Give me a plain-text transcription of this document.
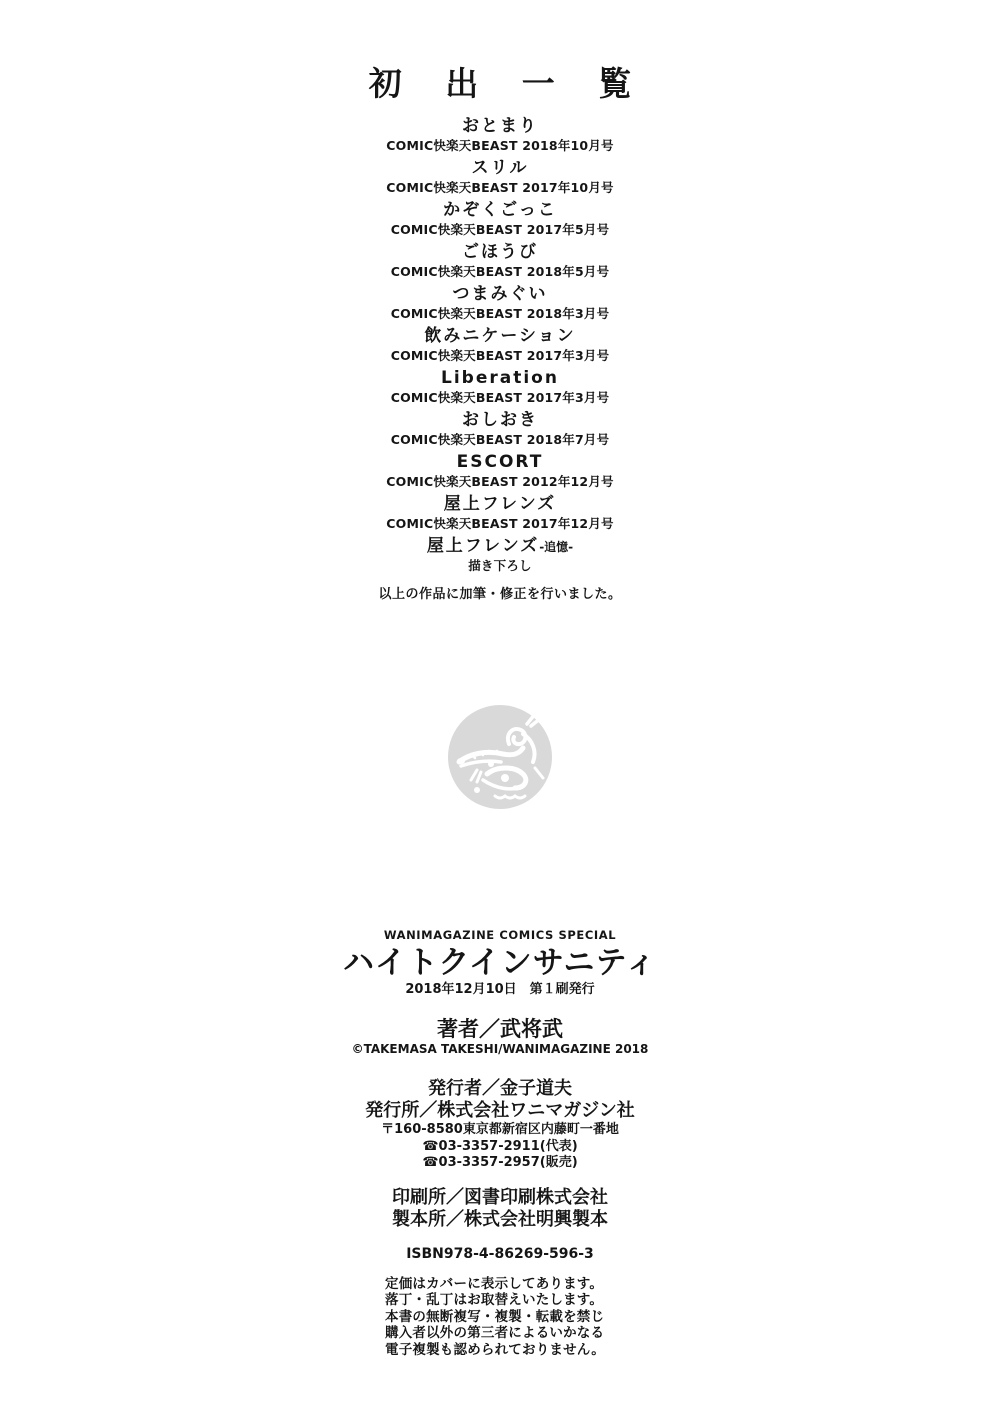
初 出 一 覧
おとまり
COMIC快楽天BEAST 2018年10月号
スリル
COMIC快楽天BEAST 2017年10月号
かぞくごっこ
COMIC快楽天BEAST 2017年5月号
ごほうび
COMIC快楽天BEAST 2018年5月号
つまみぐい
COMIC快楽天BEAST 2018年3月号
飲みニケーション
COMIC快楽天BEAST 2017年3月号
Liberation
COMIC快楽天BEAST 2017年3月号
おしおき
COMIC快楽天BEAST 2018年7月号
ESCORT
COMIC快楽天BEAST 2012年12月号
屋上フレンズ
COMIC快楽天BEAST 2017年12月号
屋上フレンズ-追憶-
描き下ろし

以上の作品に加筆・修正を行いました。

WANIMAGAZINE COMICS SPECIAL
ハイトクインサニティ
2018年12月10日　第１刷発行
著者／武将武
©TAKEMASA TAKESHI/WANIMAGAZINE 2018
発行者／金子道夫
発行所／株式会社ワニマガジン社
〒160-8580東京都新宿区内藤町一番地
☎03-3357-2911(代表)
☎03-3357-2957(販売)
印刷所／図書印刷株式会社
製本所／株式会社明興製本
ISBN978-4-86269-596-3
定価はカバーに表示してあります。
落丁・乱丁はお取替えいたします。
本書の無断複写・複製・転載を禁じ
購入者以外の第三者によるいかなる
電子複製も認められておりません。
